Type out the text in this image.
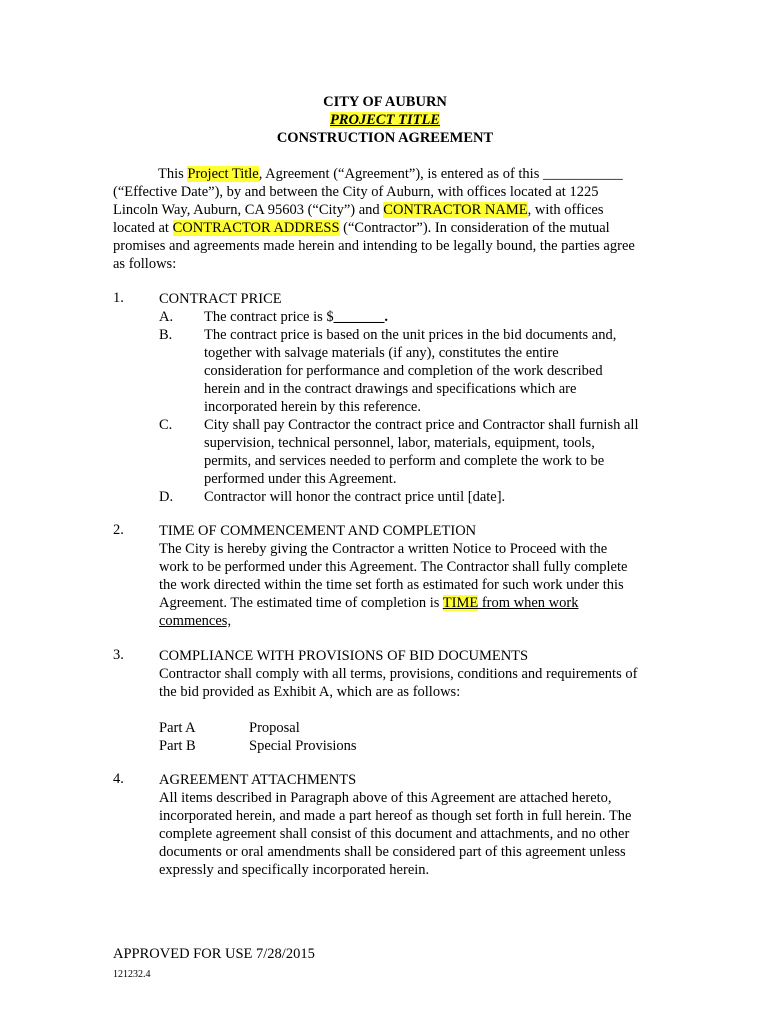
CITY OF AUBURN
PROJECT TITLE
CONSTRUCTION AGREEMENT
This Project Title, Agreement (“Agreement”), is entered as of this ___________
(“Effective Date”), by and between the City of Auburn, with offices located at 1225
Lincoln Way, Auburn, CA 95603 (“City”) and CONTRACTOR NAME, with offices
located at CONTRACTOR ADDRESS (“Contractor”). In consideration of the mutual
promises and agreements made herein and intending to be legally bound, the parties agree
as follows:
1. CONTRACT PRICE
A. The contract price is $_______.
B. The contract price is based on the unit prices in the bid documents and,
together with salvage materials (if any), constitutes the entire
consideration for performance and completion of the work described
herein and in the contract drawings and specifications which are
incorporated herein by this reference.
C. City shall pay Contractor the contract price and Contractor shall furnish all
supervision, technical personnel, labor, materials, equipment, tools,
permits, and services needed to perform and complete the work to be
performed under this Agreement.
D. Contractor will honor the contract price until [date].
2. TIME OF COMMENCEMENT AND COMPLETION
The City is hereby giving the Contractor a written Notice to Proceed with the
work to be performed under this Agreement. The Contractor shall fully complete
the work directed within the time set forth as estimated for such work under this
Agreement. The estimated time of completion is TIME from when work
commences,
3. COMPLIANCE WITH PROVISIONS OF BID DOCUMENTS
Contractor shall comply with all terms, provisions, conditions and requirements of
the bid provided as Exhibit A, which are as follows:
Part A	Proposal
Part B	Special Provisions
4. AGREEMENT ATTACHMENTS
All items described in Paragraph above of this Agreement are attached hereto,
incorporated herein, and made a part hereof as though set forth in full herein. The
complete agreement shall consist of this document and attachments, and no other
documents or oral amendments shall be considered part of this agreement unless
expressly and specifically incorporated herein.
APPROVED FOR USE 7/28/2015
121232.4
